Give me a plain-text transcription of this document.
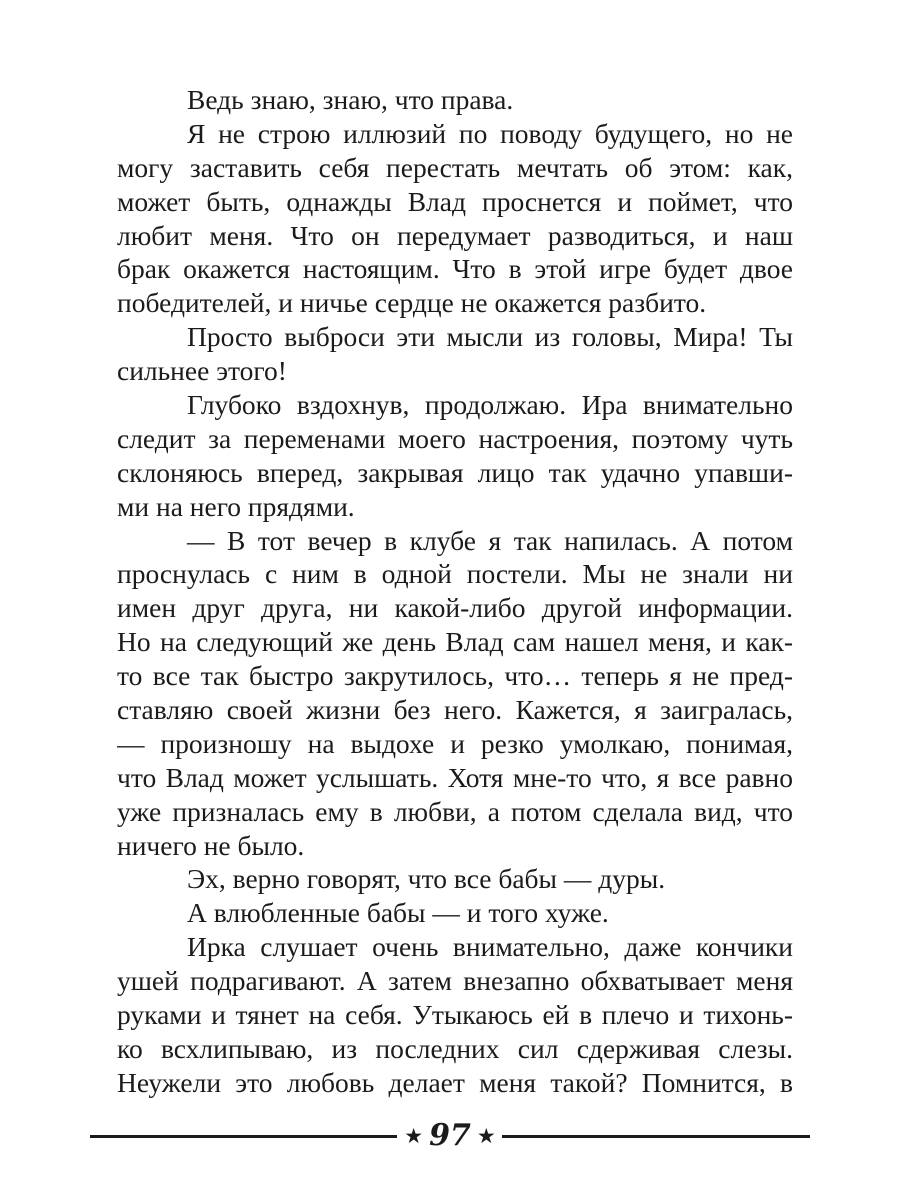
Ведь знаю, знаю, что права.
Я не строю иллюзий по поводу будущего, но не
могу заставить себя перестать мечтать об этом: как,
может быть, однажды Влад проснется и поймет, что
любит меня. Что он передумает разводиться, и наш
брак окажется настоящим. Что в этой игре будет двое
победителей, и ничье сердце не окажется разбито.
Просто выброси эти мысли из головы, Мира! Ты
сильнее этого!
Глубоко вздохнув, продолжаю. Ира внимательно
следит за переменами моего настроения, поэтому чуть
склоняюсь вперед, закрывая лицо так удачно упавши-
ми на него прядями.
— В тот вечер в клубе я так напилась. А потом
проснулась с ним в одной постели. Мы не знали ни
имен друг друга, ни какой-либо другой информации.
Но на следующий же день Влад сам нашел меня, и как-
то все так быстро закрутилось, что… теперь я не пред-
ставляю своей жизни без него. Кажется, я заигралась,
— произношу на выдохе и резко умолкаю, понимая,
что Влад может услышать. Хотя мне-то что, я все равно
уже призналась ему в любви, а потом сделала вид, что
ничего не было.
Эх, верно говорят, что все бабы — дуры.
А влюбленные бабы — и того хуже.
Ирка слушает очень внимательно, даже кончики
ушей подрагивают. А затем внезапно обхватывает меня
руками и тянет на себя. Утыкаюсь ей в плечо и тихонь-
ко всхлипываю, из последних сил сдерживая слезы.
Неужели это любовь делает меня такой? Помнится, в
★ 97 ★
